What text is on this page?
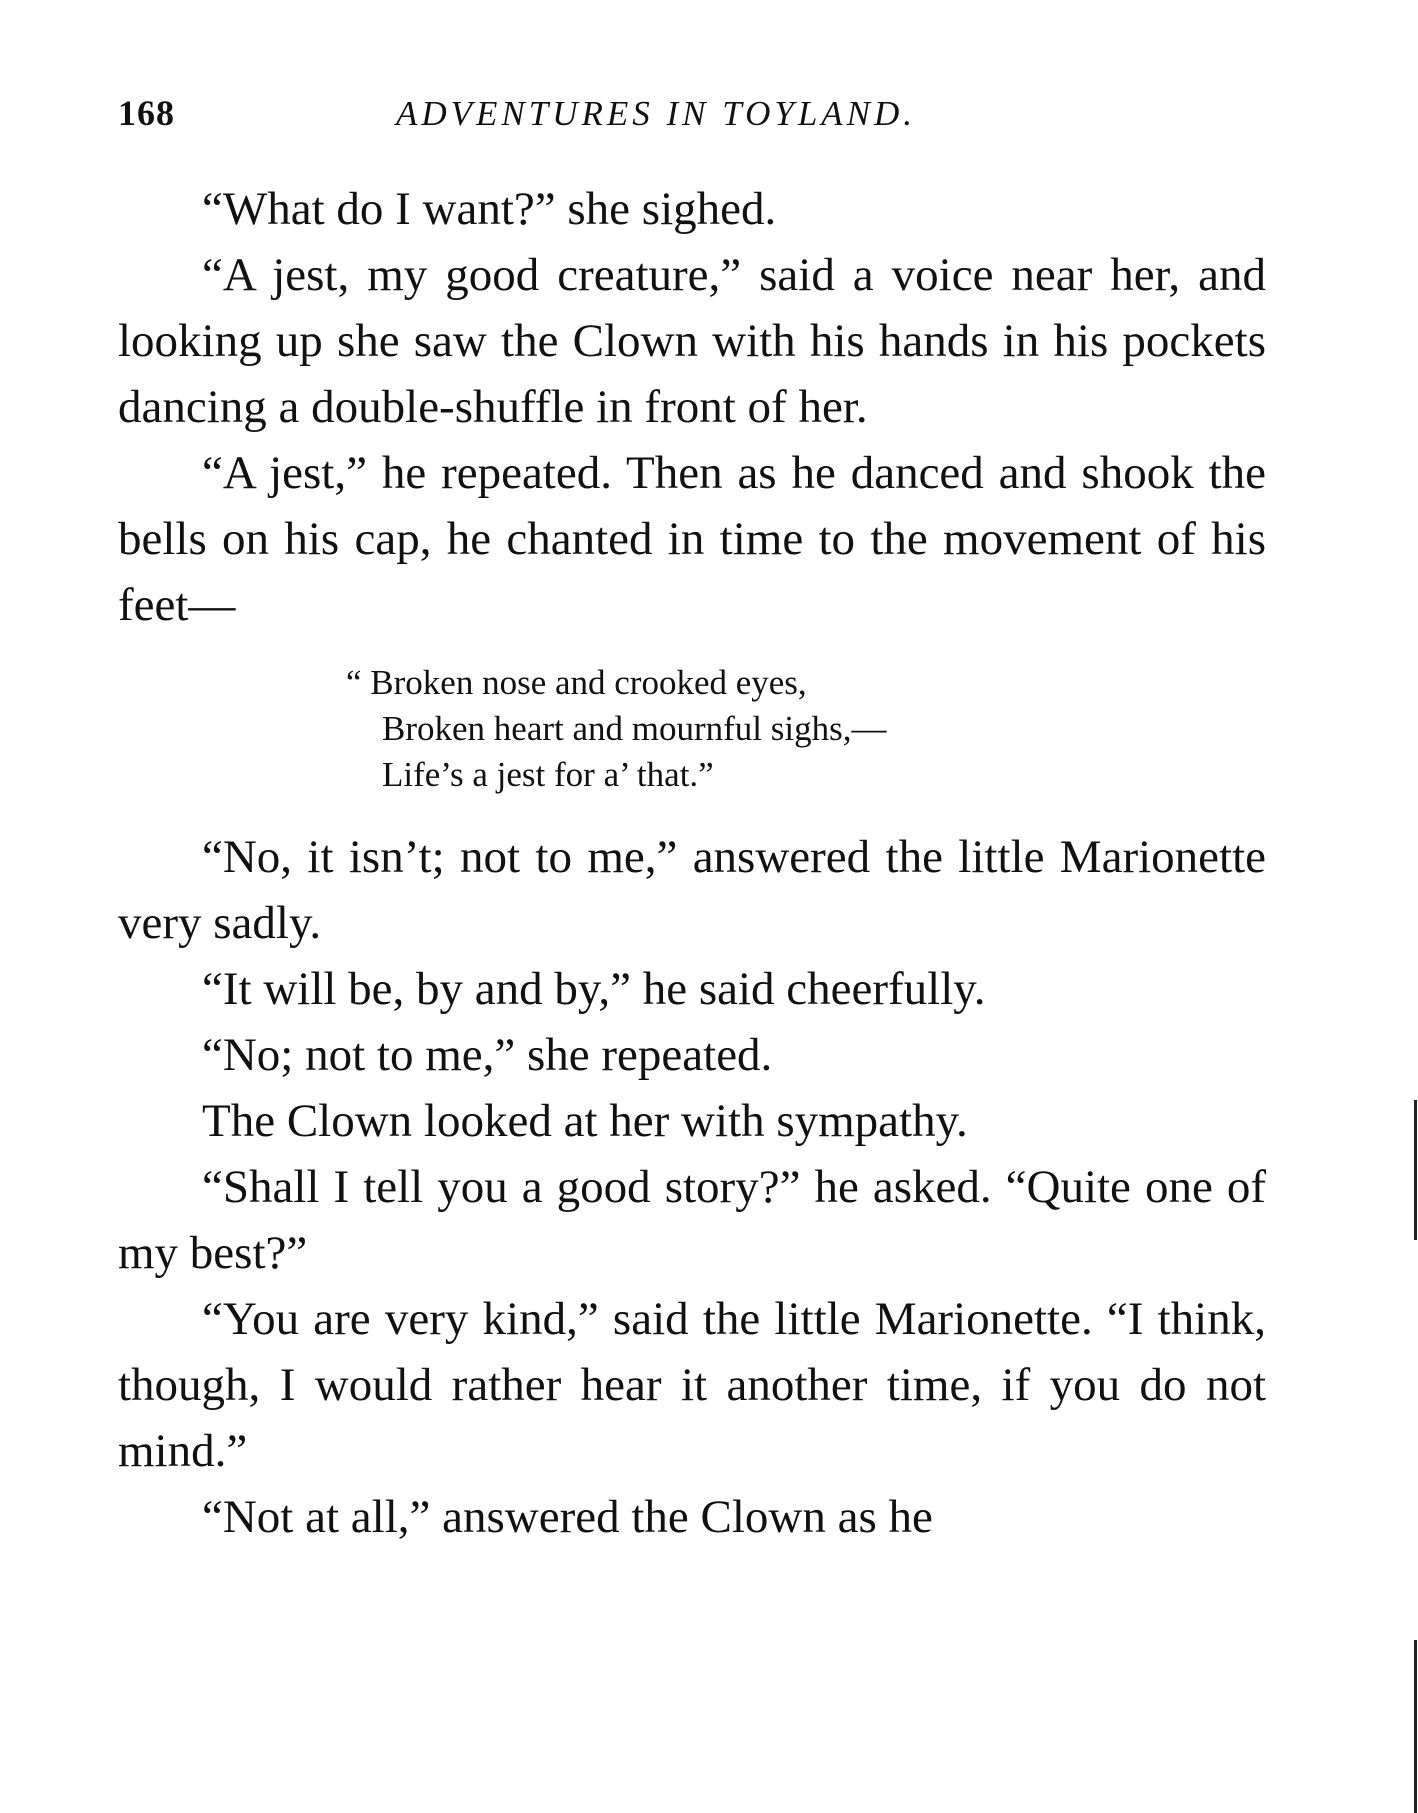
168	ADVENTURES IN TOYLAND.

“What do I want?” she sighed.

“A jest, my good creature,” said a voice near her, and looking up she saw the Clown with his hands in his pockets dancing a double-shuffle in front of her.

“A jest,” he repeated. Then as he danced and shook the bells on his cap, he chanted in time to the movement of his feet—

“ Broken nose and crooked eyes,
Broken heart and mournful sighs,—
Life’s a jest for a’ that.”

“No, it isn’t; not to me,” answered the little Marionette very sadly.

“It will be, by and by,” he said cheerfully.

“No; not to me,” she repeated.

The Clown looked at her with sympathy.

“Shall I tell you a good story?” he asked. “Quite one of my best?”

“You are very kind,” said the little Marionette. “I think, though, I would rather hear it another time, if you do not mind.”

“Not at all,” answered the Clown as he
